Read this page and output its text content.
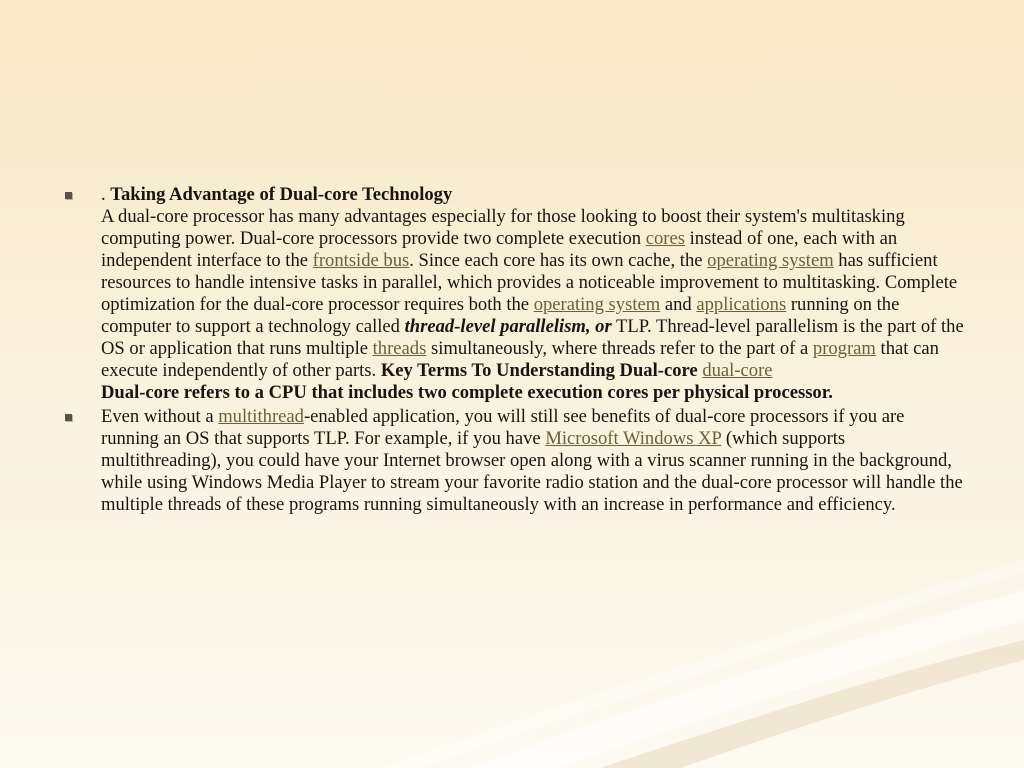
. Taking Advantage of Dual-core Technology
A dual-core processor has many advantages especially for those looking to boost their system's multitasking computing power. Dual-core processors provide two complete execution cores instead of one, each with an independent interface to the frontside bus. Since each core has its own cache, the operating system has sufficient resources to handle intensive tasks in parallel, which provides a noticeable improvement to multitasking. Complete optimization for the dual-core processor requires both the operating system and applications running on the computer to support a technology called thread-level parallelism, or TLP. Thread-level parallelism is the part of the OS or application that runs multiple threads simultaneously, where threads refer to the part of a program that can execute independently of other parts. Key Terms To Understanding Dual-core dual-core
Dual-core refers to a CPU that includes two complete execution cores per physical processor.
Even without a multithread-enabled application, you will still see benefits of dual-core processors if you are running an OS that supports TLP. For example, if you have Microsoft Windows XP (which supports multithreading), you could have your Internet browser open along with a virus scanner running in the background, while using Windows Media Player to stream your favorite radio station and the dual-core processor will handle the multiple threads of these programs running simultaneously with an increase in performance and efficiency.
